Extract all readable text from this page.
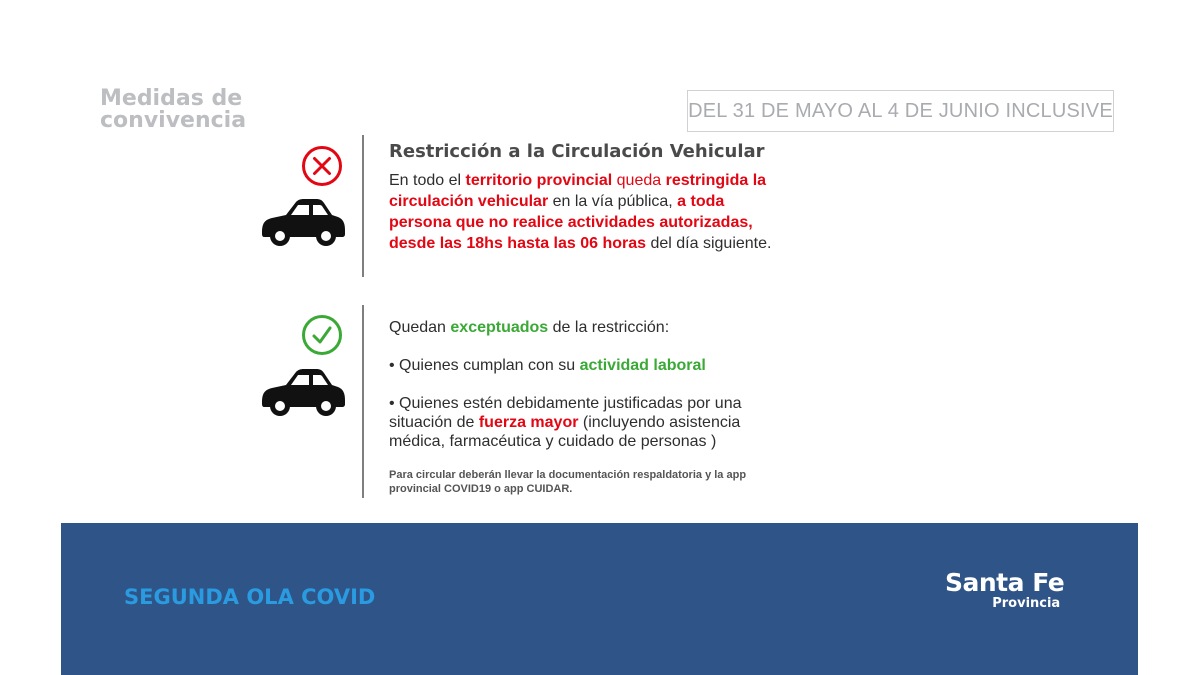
Medidas de
convivencia	DEL 31 DE MAYO AL 4 DE JUNIO INCLUSIVE
Restricción a la Circulación Vehicular

En todo el territorio provincial queda restringida la circulación vehicular en la vía pública, a toda persona que no realice actividades autorizadas, desde las 18hs hasta las 06 horas del día siguiente.

Quedan exceptuados de la restricción:

• Quienes cumplan con su actividad laboral

• Quienes estén debidamente justificadas por una situación de fuerza mayor (incluyendo asistencia médica, farmacéutica y cuidado de personas )

Para circular deberán llevar la documentación respaldatoria y la app provincial COVID19 o app CUIDAR.

SEGUNDA OLA COVID	Santa Fe
Provincia
